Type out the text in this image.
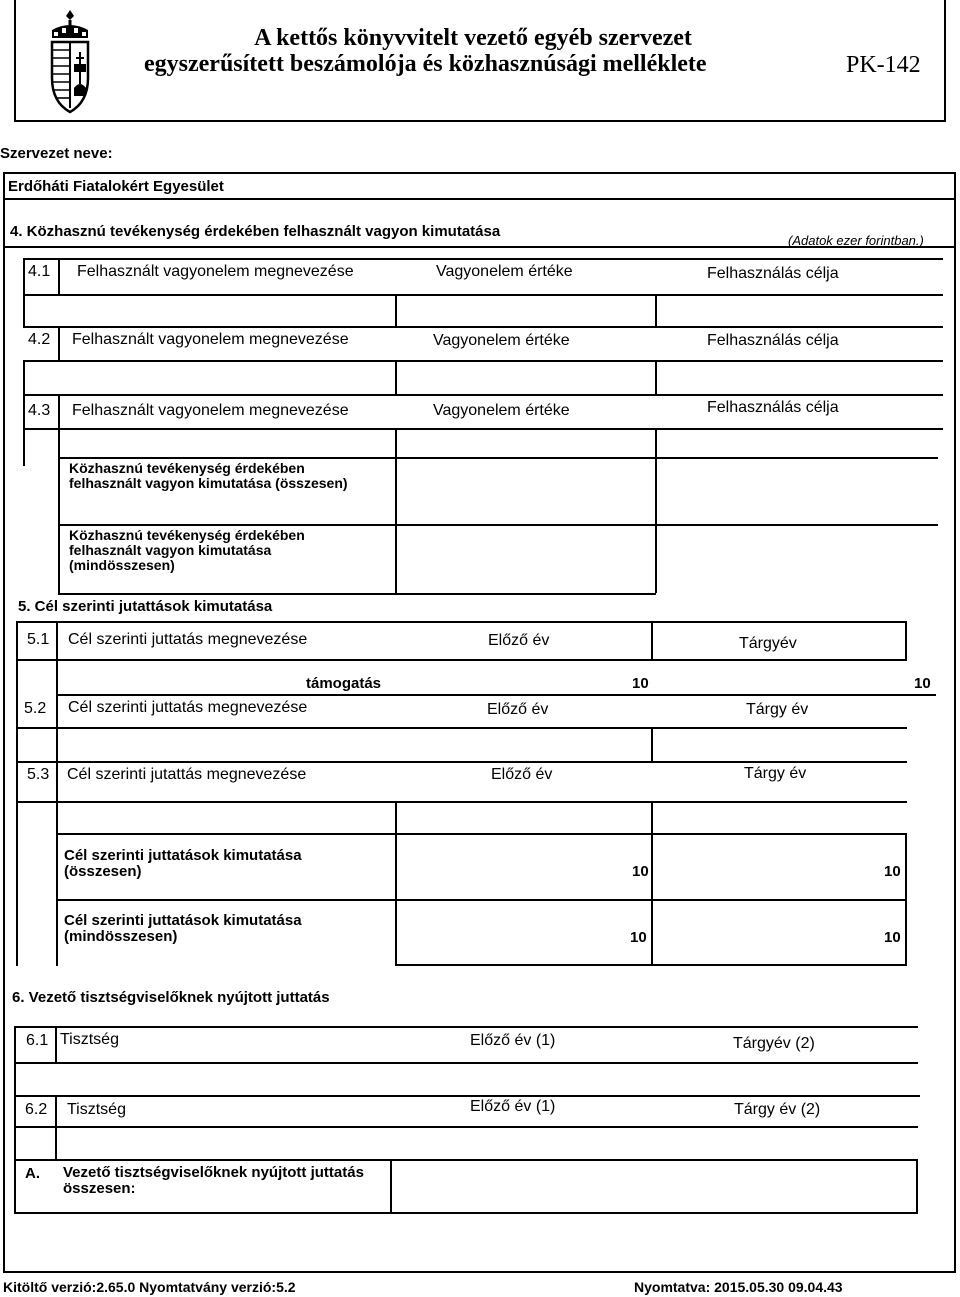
A kettős könyvvitelt vezető egyéb szervezet
egyszerűsített beszámolója és közhasznúsági melléklete	PK-142
Szervezet neve:
Erdőháti Fiatalokért Egyesület
4. Közhasznú tevékenység érdekében felhasznált vagyon kimutatása
(Adatok ezer forintban.)
4.1 Felhasznált vagyonelem megnevezése	Vagyonelem értéke	Felhasználás célja
4.2 Felhasznált vagyonelem megnevezése	Vagyonelem értéke	Felhasználás célja
4.3 Felhasznált vagyonelem megnevezése	Vagyonelem értéke	Felhasználás célja
Közhasznú tevékenység érdekében felhasznált vagyon kimutatása (összesen)
Közhasznú tevékenység érdekében felhasznált vagyon kimutatása (mindösszesen)
5. Cél szerinti jutattások kimutatása
5.1 Cél szerinti juttatás megnevezése	Előző év	Tárgyév
támogatás	10	10
5.2 Cél szerinti juttatás megnevezése	Előző év	Tárgy év
5.3 Cél szerinti jutattás megnevezése	Előző év	Tárgy év
Cél szerinti juttatások kimutatása (összesen)	10	10
Cél szerinti juttatások kimutatása (mindösszesen)	10	10
6. Vezető tisztségviselőknek nyújtott juttatás
6.1 Tisztség	Előző év (1)	Tárgyév (2)
6.2 Tisztség	Előző év (1)	Tárgy év (2)
A. Vezető tisztségviselőknek nyújtott juttatás összesen:
Kitöltő verzió:2.65.0 Nyomtatvány verzió:5.2	Nyomtatva: 2015.05.30 09.04.43
